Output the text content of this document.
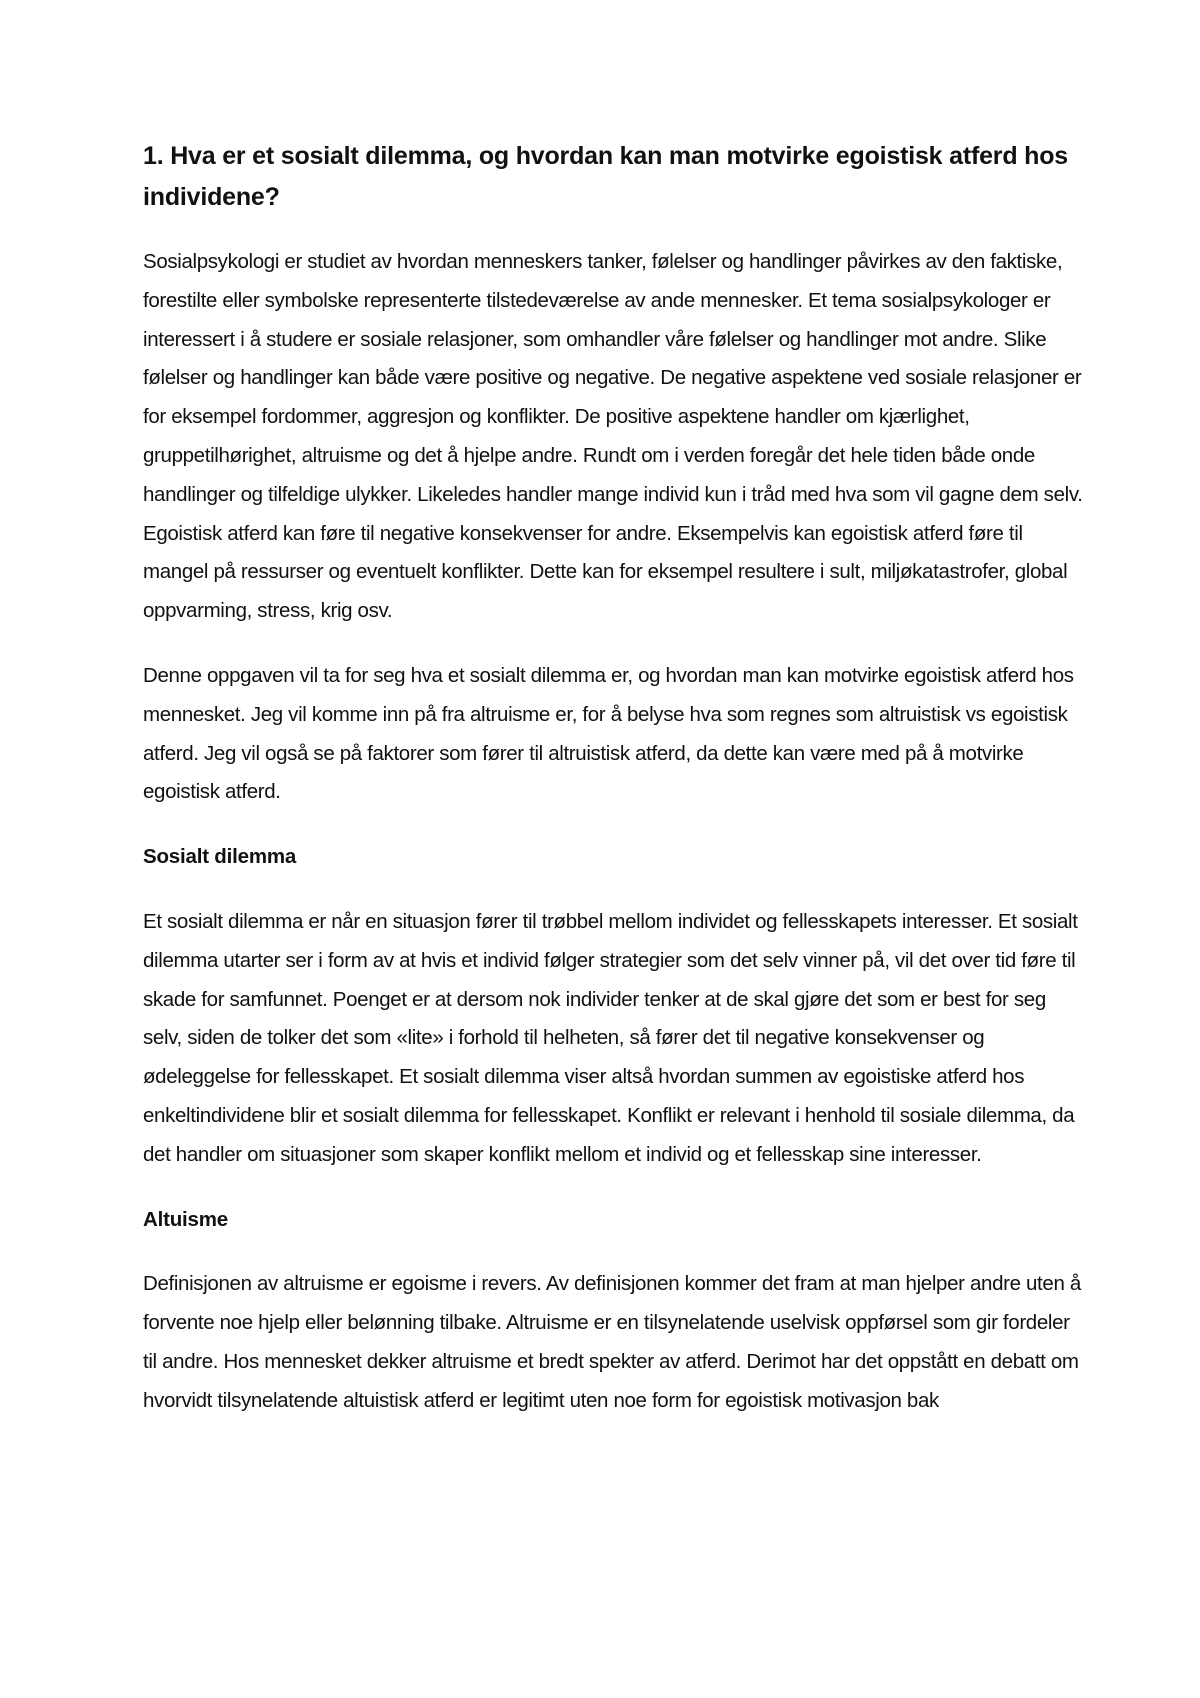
1. Hva er et sosialt dilemma, og hvordan kan man motvirke egoistisk atferd hos individene?

Sosialpsykologi er studiet av hvordan menneskers tanker, følelser og handlinger påvirkes av den faktiske, forestilte eller symbolske representerte tilstedeværelse av ande mennesker. Et tema sosialpsykologer er interessert i å studere er sosiale relasjoner, som omhandler våre følelser og handlinger mot andre. Slike følelser og handlinger kan både være positive og negative. De negative aspektene ved sosiale relasjoner er for eksempel fordommer, aggresjon og konflikter. De positive aspektene handler om kjærlighet, gruppetilhørighet, altruisme og det å hjelpe andre. Rundt om i verden foregår det hele tiden både onde handlinger og tilfeldige ulykker. Likeledes handler mange individ kun i tråd med hva som vil gagne dem selv. Egoistisk atferd kan føre til negative konsekvenser for andre. Eksempelvis kan egoistisk atferd føre til mangel på ressurser og eventuelt konflikter. Dette kan for eksempel resultere i sult, miljøkatastrofer, global oppvarming, stress, krig osv.

Denne oppgaven vil ta for seg hva et sosialt dilemma er, og hvordan man kan motvirke egoistisk atferd hos mennesket. Jeg vil komme inn på fra altruisme er, for å belyse hva som regnes som altruistisk vs egoistisk atferd. Jeg vil også se på faktorer som fører til altruistisk atferd, da dette kan være med på å motvirke egoistisk atferd.

Sosialt dilemma

Et sosialt dilemma er når en situasjon fører til trøbbel mellom individet og fellesskapets interesser. Et sosialt dilemma utarter ser i form av at hvis et individ følger strategier som det selv vinner på, vil det over tid føre til skade for samfunnet. Poenget er at dersom nok individer tenker at de skal gjøre det som er best for seg selv, siden de tolker det som «lite» i forhold til helheten, så fører det til negative konsekvenser og ødeleggelse for fellesskapet. Et sosialt dilemma viser altså hvordan summen av egoistiske atferd hos enkeltindividene blir et sosialt dilemma for fellesskapet. Konflikt er relevant i henhold til sosiale dilemma, da det handler om situasjoner som skaper konflikt mellom et individ og et fellesskap sine interesser.

Altuisme

Definisjonen av altruisme er egoisme i revers. Av definisjonen kommer det fram at man hjelper andre uten å forvente noe hjelp eller belønning tilbake. Altruisme er en tilsynelatende uselvisk oppførsel som gir fordeler til andre. Hos mennesket dekker altruisme et bredt spekter av atferd. Derimot har det oppstått en debatt om hvorvidt tilsynelatende altuistisk atferd er legitimt uten noe form for egoistisk motivasjon bak
